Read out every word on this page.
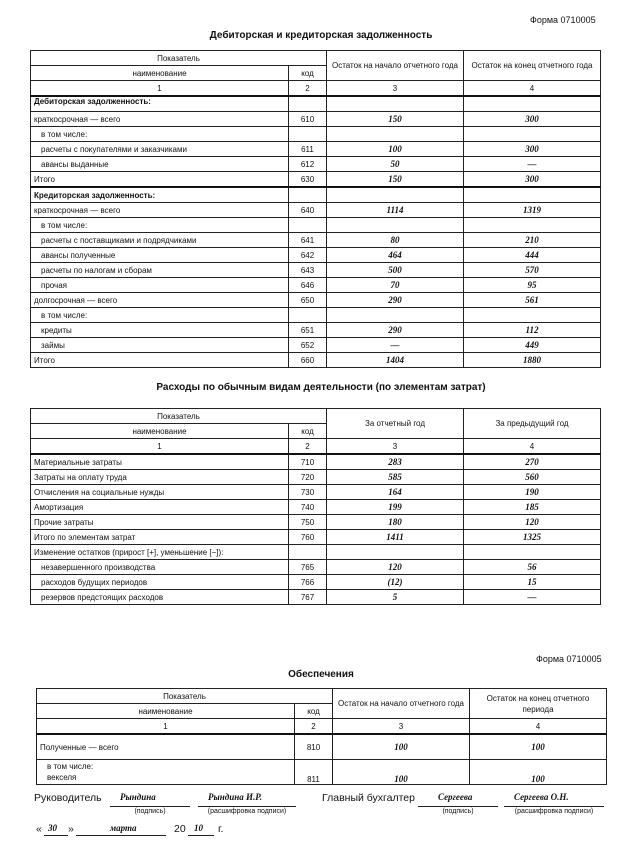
Форма 0710005
Дебиторская и кредиторская задолженность
Показатель		Остаток на начало отчетного года	Остаток на конец отчетного года
наименование	код		
1	2	3	4
Дебиторская задолженность:			
краткосрочная — всего	610	150	300
в том числе:			
расчеты с покупателями и заказчиками	611	100	300
авансы выданные	612	50	—
Итого	630	150	300
Кредиторская задолженность:			
краткосрочная — всего	640	1114	1319
в том числе:			
расчеты с поставщиками и подрядчиками	641	80	210
авансы полученные	642	464	444
расчеты по налогам и сборам	643	500	570
прочая	646	70	95
долгосрочная — всего	650	290	561
в том числе:			
кредиты	651	290	112
займы	652	—	449
Итого	660	1404	1880
Расходы по обычным видам деятельности (по элементам затрат)
Показатель		За отчетный год	За предыдущий год
наименование	код		
1	2	3	4
Материальные затраты	710	283	270
Затраты на оплату труда	720	585	560
Отчисления на социальные нужды	730	164	190
Амортизация	740	199	185
Прочие затраты	750	180	120
Итого по элементам затрат	760	1411	1325
Изменение остатков (прирост [+], уменьшение [−]):			
незавершенного производства	765	120	56
расходов будущих периодов	766	(12)	15
резервов предстоящих расходов	767	5	—
Форма 0710005
Обеспечения
Показатель		Остаток на начало отчетного года	Остаток на конец отчетного периода
наименование	код		
1	2	3	4
Полученные — всего	810	100	100

в том числе:
векселя	811	100	100
Руководитель Рындина
(подпись)
Рындина И.Р.
(расшифровка подписи)
Главный бухгалтер	Сергеева
(подпись)
Сергеева О.Н.
(расшифровка подписи)
« 30 »	марта	20 10 г.
